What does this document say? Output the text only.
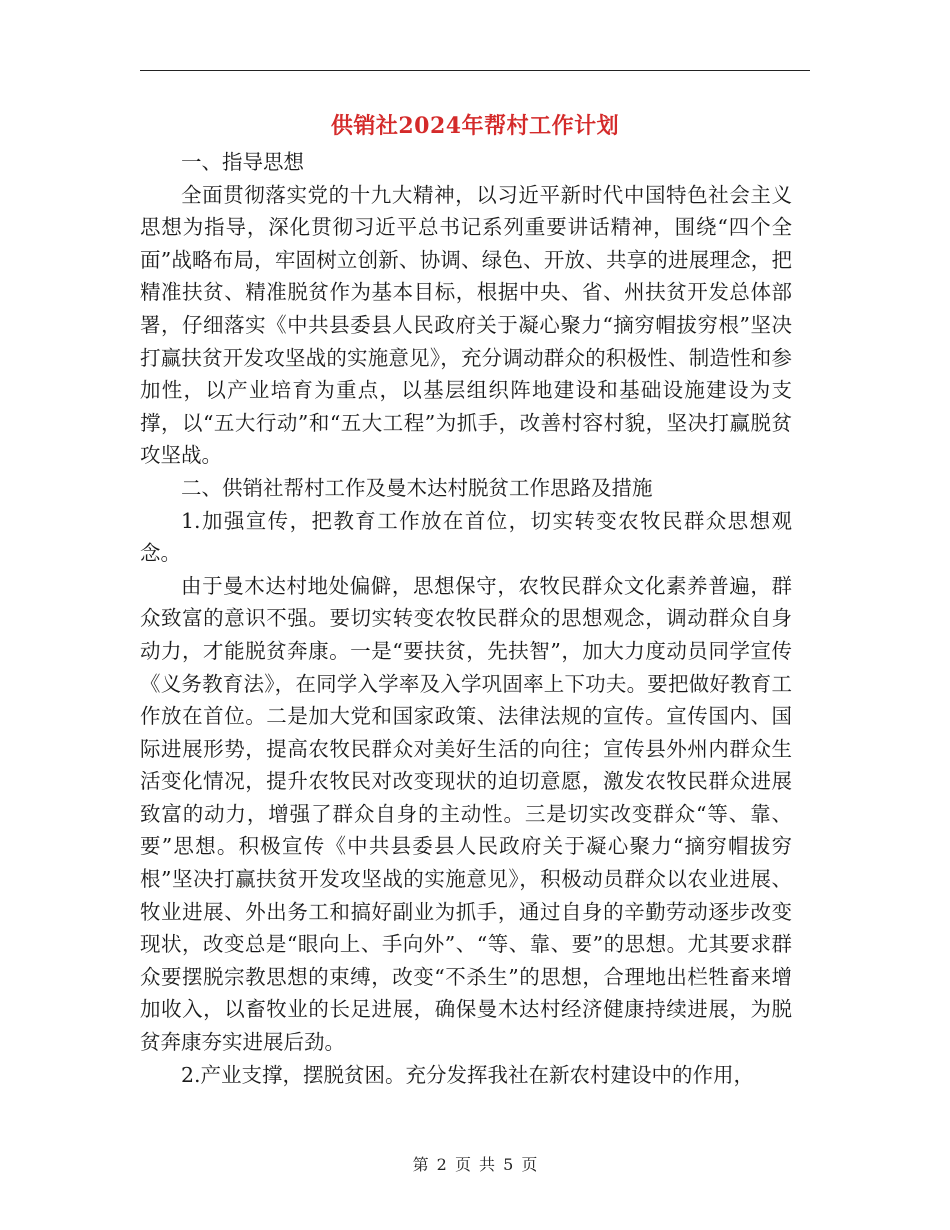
供销社2024年帮村工作计划

一、指导思想

全面贯彻落实党的十九大精神，以习近平新时代中国特色社会主义思想为指导，深化贯彻习近平总书记系列重要讲话精神，围绕“四个全面”战略布局，牢固树立创新、协调、绿色、开放、共享的进展理念，把精准扶贫、精准脱贫作为基本目标，根据中央、省、州扶贫开发总体部署，仔细落实《中共县委县人民政府关于凝心聚力“摘穷帽拔穷根”坚决打赢扶贫开发攻坚战的实施意见》，充分调动群众的积极性、制造性和参加性，以产业培育为重点，以基层组织阵地建设和基础设施建设为支撑，以“五大行动”和“五大工程”为抓手，改善村容村貌，坚决打赢脱贫攻坚战。

二、供销社帮村工作及曼木达村脱贫工作思路及措施

1.加强宣传，把教育工作放在首位，切实转变农牧民群众思想观念。

由于曼木达村地处偏僻，思想保守，农牧民群众文化素养普遍，群众致富的意识不强。要切实转变农牧民群众的思想观念，调动群众自身动力，才能脱贫奔康。一是“要扶贫，先扶智”，加大力度动员同学宣传《义务教育法》，在同学入学率及入学巩固率上下功夫。要把做好教育工作放在首位。二是加大党和国家政策、法律法规的宣传。宣传国内、国际进展形势，提高农牧民群众对美好生活的向往；宣传县外州内群众生活变化情况，提升农牧民对改变现状的迫切意愿，激发农牧民群众进展致富的动力，增强了群众自身的主动性。三是切实改变群众“等、靠、要”思想。积极宣传《中共县委县人民政府关于凝心聚力“摘穷帽拔穷根”坚决打赢扶贫开发攻坚战的实施意见》，积极动员群众以农业进展、牧业进展、外出务工和搞好副业为抓手，通过自身的辛勤劳动逐步改变现状，改变总是“眼向上、手向外”、“等、靠、要”的思想。尤其要求群众要摆脱宗教思想的束缚，改变“不杀生”的思想，合理地出栏牲畜来增加收入，以畜牧业的长足进展，确保曼木达村经济健康持续进展，为脱贫奔康夯实进展后劲。

2.产业支撑，摆脱贫困。充分发挥我社在新农村建设中的作用，

第 2 页 共 5 页
